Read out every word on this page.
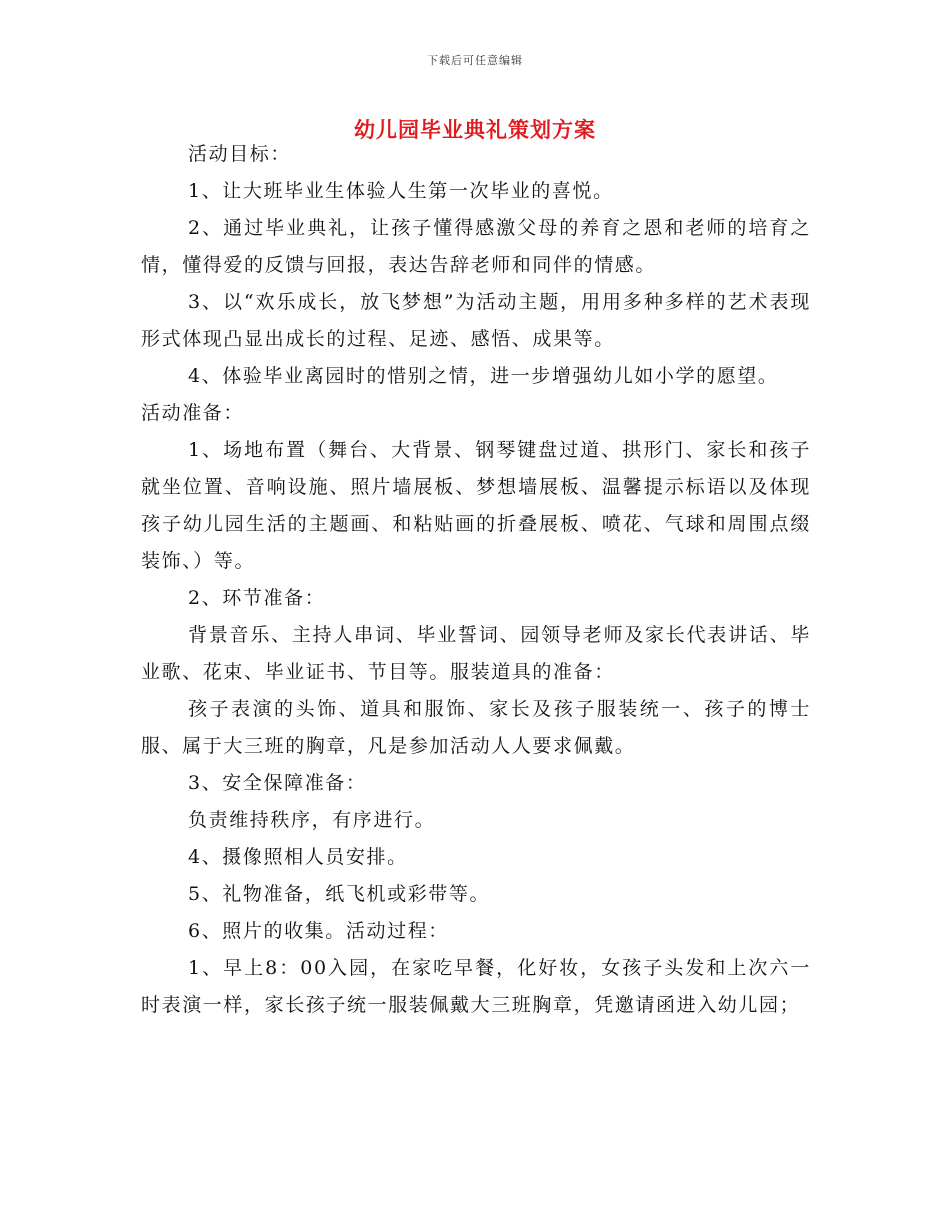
下载后可任意编辑
幼儿园毕业典礼策划方案

活动目标：

1、让大班毕业生体验人生第一次毕业的喜悦。

2、通过毕业典礼，让孩子懂得感激父母的养育之恩和老师的培育之情，懂得爱的反馈与回报，表达告辞老师和同伴的情感。

3、以“欢乐成长，放飞梦想”为活动主题，用用多种多样的艺术表现形式体现凸显出成长的过程、足迹、感悟、成果等。

4、体验毕业离园时的惜别之情，进一步增强幼儿如小学的愿望。

活动准备：

1、场地布置（舞台、大背景、钢琴键盘过道、拱形门、家长和孩子就坐位置、音响设施、照片墙展板、梦想墙展板、温馨提示标语以及体现孩子幼儿园生活的主题画、和粘贴画的折叠展板、喷花、气球和周围点缀装饰、）等。

2、环节准备：

背景音乐、主持人串词、毕业誓词、园领导老师及家长代表讲话、毕业歌、花束、毕业证书、节目等。服装道具的准备：

孩子表演的头饰、道具和服饰、家长及孩子服装统一、孩子的博士服、属于大三班的胸章，凡是参加活动人人要求佩戴。

3、安全保障准备：

负责维持秩序，有序进行。

4、摄像照相人员安排。

5、礼物准备，纸飞机或彩带等。

6、照片的收集。活动过程：

1、早上8：00入园，在家吃早餐，化好妆，女孩子头发和上次六一时表演一样，家长孩子统一服装佩戴大三班胸章，凭邀请函进入幼儿园；
